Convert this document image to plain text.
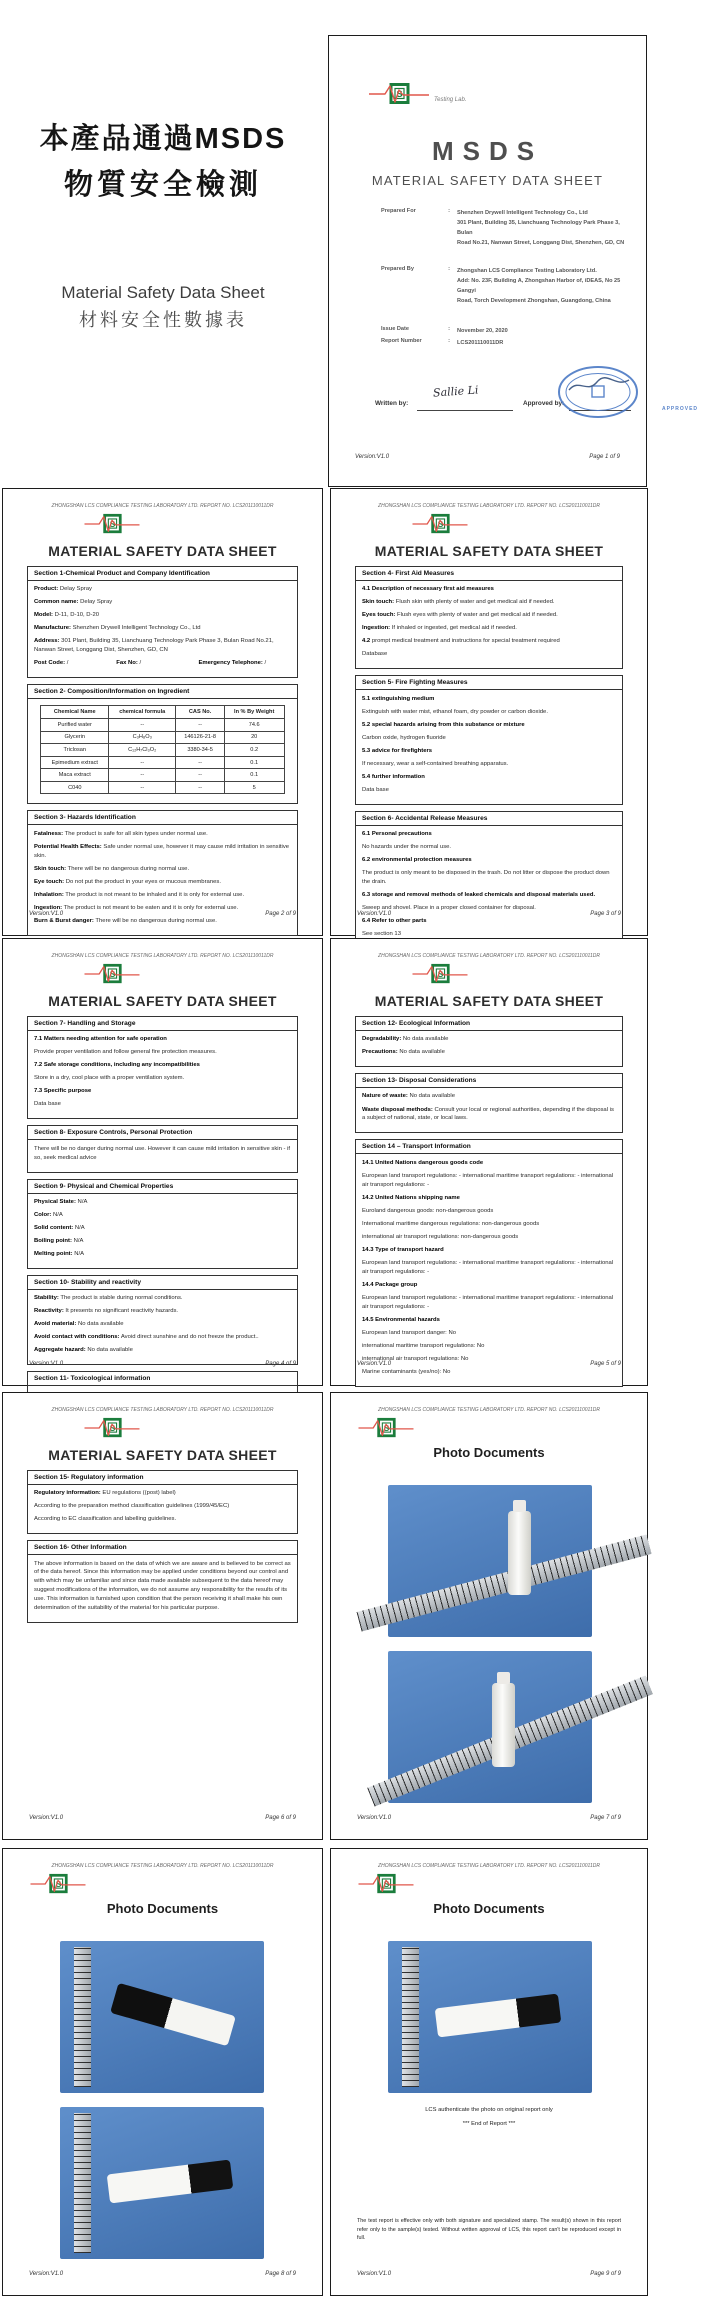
本產品通過MSDS
物質安全檢測
Material Safety Data Sheet
材料安全性數據表
Testing Lab.
MSDS
MATERIAL SAFETY DATA SHEET
Prepared For	:	Shenzhen Drywell Intelligent Technology Co., Ltd
301 Plant, Building 35, Lianchuang Technology Park Phase 3, Bulan
Road No.21, Nanwan Street, Longgang Dist, Shenzhen, GD, CN
Prepared By	:	Zhongshan LCS Compliance Testing Laboratory Ltd.
Add: No. 23F, Building A, Zhongshan Harbor of, iDEAS, No 25 Gangyi
Road, Torch Development Zhongshan, Guangdong, China
Issue Date	:	November 20, 2020
Report Number	:	LCS201110011DR
Sallie Li
Written by:	Approved by:
APPROVED
Version:V1.0	Page 1 of 9
ZHONGSHAN LCS COMPLIANCE TESTING LABORATORY LTD. REPORT NO. LCS201110011DR
MATERIAL SAFETY DATA SHEET
Section 1-Chemical Product and Company Identification
Product: Delay Spray
Common name: Delay Spray
Model: D-11, D-10, D-20
Manufacture: Shenzhen Drywell Intelligent Technology Co., Ltd
Address: 301 Plant, Building 35, Lianchuang Technology Park Phase 3, Bulan Road No.21, Nanwan Street, Longgang Dist, Shenzhen, GD, CN
Post Code: /	Fax No: /	Emergency Telephone: /
Section 2- Composition/Information on Ingredient
Chemical Name	chemical formula	CAS No.	In % By Weight
Purified water	--	--	74.6
Glycerin	C₃H₈O₃	146126-21-8	20
Triclosan	C₁₂H₇Cl₃O₂	3380-34-5	0.2
Epimedium extract	--	--	0.1
Maca extract	--	--	0.1
C040	--	--	5
Section 3- Hazards Identification
Fatalness: The product is safe for all skin types under normal use.
Potential Health Effects: Safe under normal use, however it may cause mild irritation in sensitive skin.
Skin touch: There will be no dangerous during normal use.
Eye touch: Do not put the product in your eyes or mucous membranes.
Inhalation: The product is not meant to be inhaled and it is only for external use.
Ingestion: The product is not meant to be eaten and it is only for external use.
Burn & Burst danger: There will be no dangerous during normal use.
Version:V1.0	Page 2 of 9
ZHONGSHAN LCS COMPLIANCE TESTING LABORATORY LTD. REPORT NO. LCS201110011DR
MATERIAL SAFETY DATA SHEET
Section 4- First Aid Measures
4.1 Description of necessary first aid measures
Skin touch: Flush skin with plenty of water and get medical aid if needed.
Eyes touch: Flush eyes with plenty of water and get medical aid if needed.
Ingestion: If inhaled or ingested, get medical aid if needed.
4.2 prompt medical treatment and instructions for special treatment required
Database
Section 5- Fire Fighting Measures
5.1 extinguishing medium
Extinguish with water mist, ethanol foam, dry powder or carbon dioxide.
5.2 special hazards arising from this substance or mixture
Carbon oxide, hydrogen fluoride
5.3 advice for firefighters
If necessary, wear a self-contained breathing apparatus.
5.4 further information
Data base
Section 6- Accidental Release Measures
6.1 Personal precautions
No hazards under the normal use.
6.2 environmental protection measures
The product is only meant to be disposed in the trash. Do not litter or dispose the product down the drain.
6.3 storage and removal methods of leaked chemicals and disposal materials used.
Sweep and shovel. Place in a proper closed container for disposal.
6.4 Refer to other parts
See section 13
Version:V1.0	Page 3 of 9
ZHONGSHAN LCS COMPLIANCE TESTING LABORATORY LTD. REPORT NO. LCS201110011DR
MATERIAL SAFETY DATA SHEET
Section 7- Handling and Storage
7.1 Matters needing attention for safe operation
Provide proper ventilation and follow general fire protection measures.
7.2 Safe storage conditions, including any incompatibilities
Store in a dry, cool place with a proper ventilation system.
7.3 Specific purpose
Data base
Section 8- Exposure Controls, Personal Protection
There will be no danger during normal use. However it can cause mild irritation in sensitive skin - if so, seek medical advice
Section 9- Physical and Chemical Properties
Physical State: N/A
Color: N/A
Solid content: N/A
Boiling point: N/A
Melting point: N/A
Section 10- Stability and reactivity
Stability: The product is stable during normal conditions.
Reactivity: It presents no significant reactivity hazards.
Avoid material: No data available
Avoid contact with conditions: Avoid direct sunshine and do not freeze the product..
Aggregate hazard: No data available
Section 11- Toxicological information
Version:V1.0	Page 4 of 9
ZHONGSHAN LCS COMPLIANCE TESTING LABORATORY LTD. REPORT NO. LCS201110011DR
MATERIAL SAFETY DATA SHEET
Section 12- Ecological Information
Degradability: No data available
Precautions: No data available
Section 13- Disposal Considerations
Nature of waste: No data available
Waste disposal methods: Consult your local or regional authorities, depending if the disposal is a subject of national, state, or local laws.
Section 14 – Transport Information
14.1 United Nations dangerous goods code
European land transport regulations: - international maritime transport regulations: - international air transport regulations: -
14.2 United Nations shipping name
Euroland dangerous goods: non-dangerous goods
International maritime dangerous regulations: non-dangerous goods
international air transport regulations: non-dangerous goods
14.3 Type of transport hazard
European land transport regulations: - international maritime transport regulations: - international air transport regulations: -
14.4 Package group
European land transport regulations: - international maritime transport regulations: - international air transport regulations: -
14.5 Environmental hazards
European land transport danger: No
international maritime transport regulations: No
international air transport regulations: No
Marine contaminants (yes/no): No
Version:V1.0	Page 5 of 9
ZHONGSHAN LCS COMPLIANCE TESTING LABORATORY LTD. REPORT NO. LCS201110011DR
MATERIAL SAFETY DATA SHEET
Section 15- Regulatory information
Regulatory information: EU regulations ((post) label)
According to the preparation method classification guidelines (1999/45/EC)
According to EC classification and labelling guidelines.
Section 16- Other Information
The above information is based on the data of which we are aware and is believed to be correct as of the data hereof. Since this information may be applied under conditions beyond our control and with which may be unfamiliar and since data made available subsequent to the data hereof may suggest modifications of the information, we do not assume any responsibility for the results of its use. This information is furnished upon condition that the person receiving it shall make his own determination of the suitability of the material for his particular purpose.
Version:V1.0	Page 6 of 9
ZHONGSHAN LCS COMPLIANCE TESTING LABORATORY LTD. REPORT NO. LCS201110011DR
Photo Documents
Version:V1.0	Page 7 of 9
ZHONGSHAN LCS COMPLIANCE TESTING LABORATORY LTD. REPORT NO. LCS201110011DR
Photo Documents
Version:V1.0	Page 8 of 9
ZHONGSHAN LCS COMPLIANCE TESTING LABORATORY LTD. REPORT NO. LCS201110011DR
Photo Documents
LCS authenticate the photo on original report only
*** End of Report ***
The test report is effective only with both signature and specialized stamp. The result(s) shown in this report refer only to the sample(s) tested. Without written approval of LCS, this report can't be reproduced except in full.
Version:V1.0	Page 9 of 9
